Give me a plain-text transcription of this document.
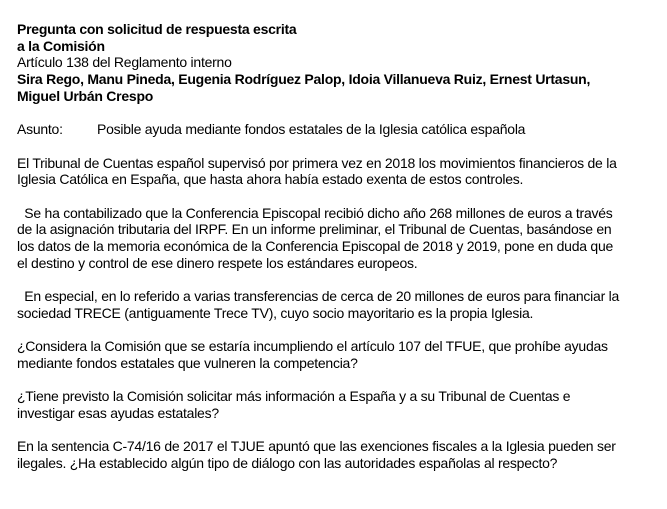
Pregunta con solicitud de respuesta escrita
a la Comisión
Artículo 138 del Reglamento interno
Sira Rego, Manu Pineda, Eugenia Rodríguez Palop, Idoia Villanueva Ruiz, Ernest Urtasun,
Miguel Urbán Crespo
Asunto:	Posible ayuda mediante fondos estatales de la Iglesia católica española
El Tribunal de Cuentas español supervisó por primera vez en 2018 los movimientos financieros de la
Iglesia Católica en España, que hasta ahora había estado exenta de estos controles.
Se ha contabilizado que la Conferencia Episcopal recibió dicho año 268 millones de euros a través
de la asignación tributaria del IRPF. En un informe preliminar, el Tribunal de Cuentas, basándose en
los datos de la memoria económica de la Conferencia Episcopal de 2018 y 2019, pone en duda que
el destino y control de ese dinero respete los estándares europeos.
En especial, en lo referido a varias transferencias de cerca de 20 millones de euros para financiar la
sociedad TRECE (antiguamente Trece TV), cuyo socio mayoritario es la propia Iglesia.
¿Considera la Comisión que se estaría incumpliendo el artículo 107 del TFUE, que prohíbe ayudas
mediante fondos estatales que vulneren la competencia?
¿Tiene previsto la Comisión solicitar más información a España y a su Tribunal de Cuentas e
investigar esas ayudas estatales?
En la sentencia C-74/16 de 2017 el TJUE apuntó que las exenciones fiscales a la Iglesia pueden ser
ilegales. ¿Ha establecido algún tipo de diálogo con las autoridades españolas al respecto?
